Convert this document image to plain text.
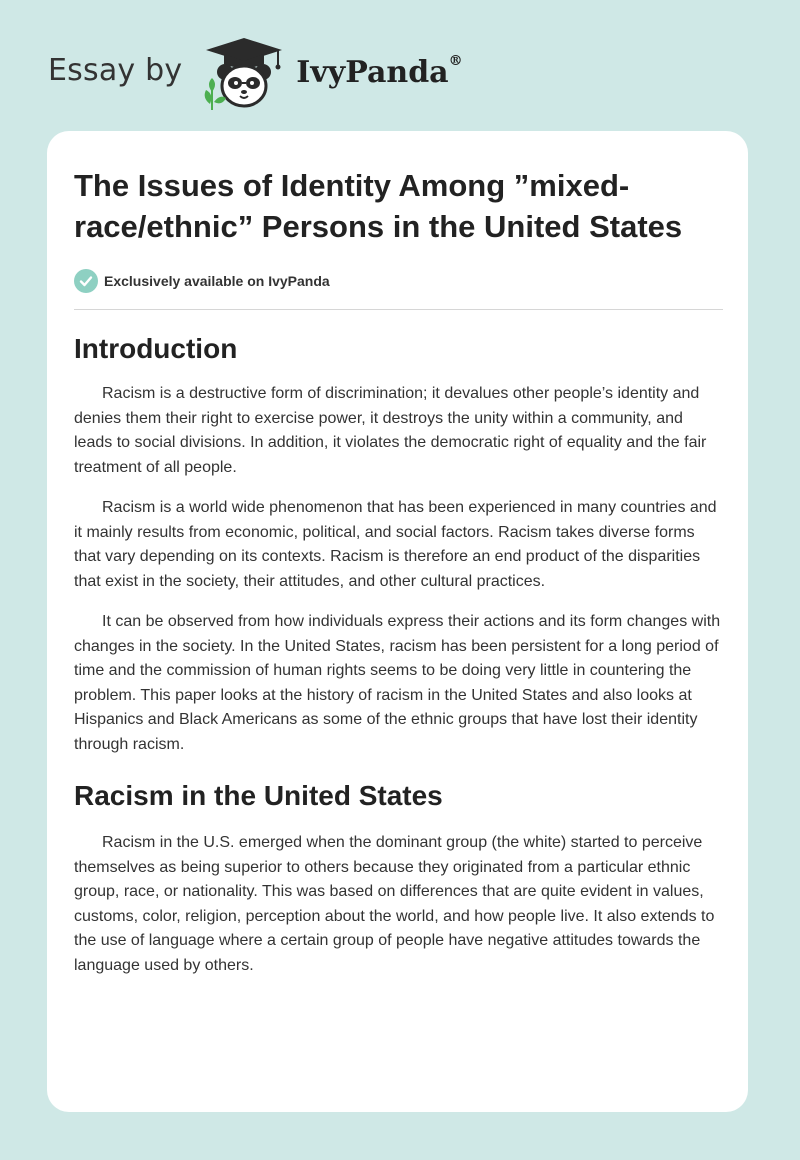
Essay by	IvyPanda®
The Issues of Identity Among ”mixed-race/ethnic” Persons in the United States
Exclusively available on IvyPanda
Introduction

Racism is a destructive form of discrimination; it devalues other people’s identity and denies them their right to exercise power, it destroys the unity within a community, and leads to social divisions. In addition, it violates the democratic right of equality and the fair treatment of all people.

Racism is a world wide phenomenon that has been experienced in many countries and it mainly results from economic, political, and social factors. Racism takes diverse forms that vary depending on its contexts. Racism is therefore an end product of the disparities that exist in the society, their attitudes, and other cultural practices.

It can be observed from how individuals express their actions and its form changes with changes in the society. In the United States, racism has been persistent for a long period of time and the commission of human rights seems to be doing very little in countering the problem. This paper looks at the history of racism in the United States and also looks at Hispanics and Black Americans as some of the ethnic groups that have lost their identity through racism.

Racism in the United States

Racism in the U.S. emerged when the dominant group (the white) started to perceive themselves as being superior to others because they originated from a particular ethnic group, race, or nationality. This was based on differences that are quite evident in values, customs, color, religion, perception about the world, and how people live. It also extends to the use of language where a certain group of people have negative attitudes towards the language used by others.
